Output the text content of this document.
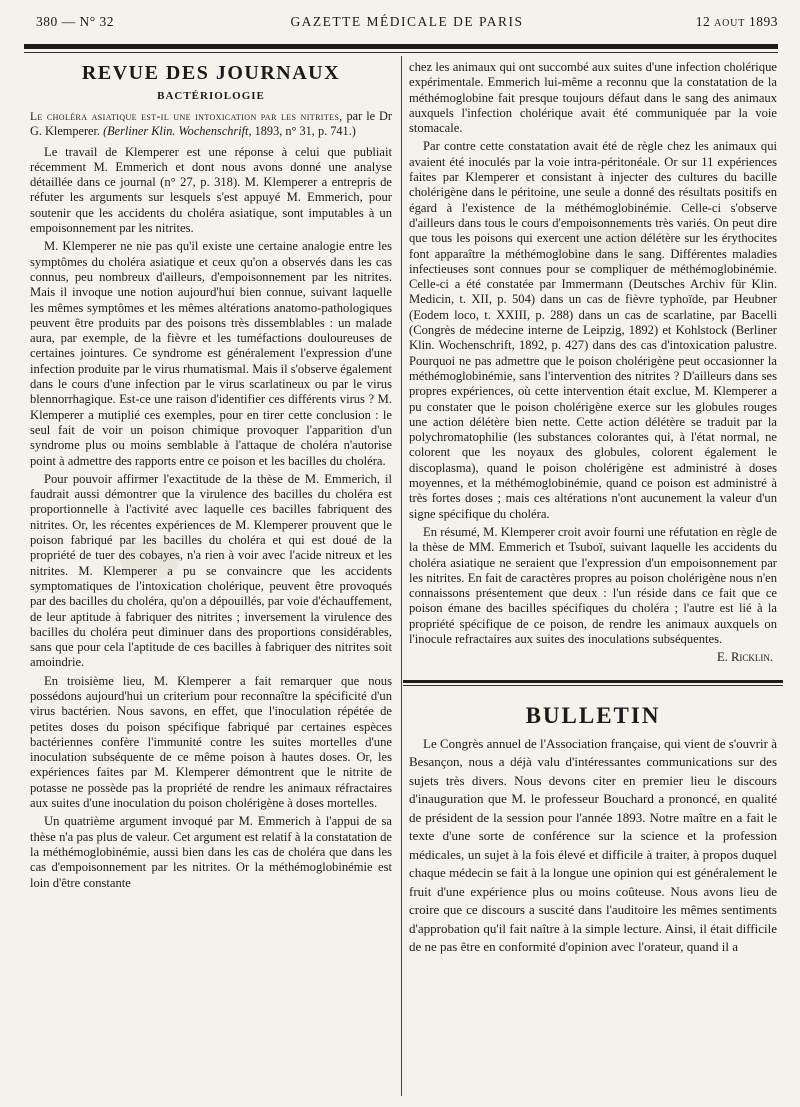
380 — N° 32	GAZETTE MÉDICALE DE PARIS	12 AOUT 1893
REVUE DES JOURNAUX
BACTÉRIOLOGIE

Le choléra asiatique est-il une intoxication par les nitrites, par le Dr G. Klemperer. (Berliner Klin. Wochenschrift, 1893, n° 31, p. 741.)

Le travail de Klemperer est une réponse à celui que publiait récemment M. Emmerich et dont nous avons donné une analyse détaillée dans ce journal (n° 27, p. 318). M. Klemperer a entrepris de réfuter les arguments sur lesquels s'est appuyé M. Emmerich, pour soutenir que les accidents du choléra asiatique, sont imputables à un empoisonnement par les nitrites.

M. Klemperer ne nie pas qu'il existe une certaine analogie entre les symptômes du choléra asiatique et ceux qu'on a observés dans les cas connus, peu nombreux d'ailleurs, d'empoisonnement par les nitrites. Mais il invoque une notion aujourd'hui bien connue, suivant laquelle les mêmes symptômes et les mêmes altérations anatomo-pathologiques peuvent être produits par des poisons très dissemblables : un malade aura, par exemple, de la fièvre et les tuméfactions douloureuses de certaines jointures. Ce syndrome est généralement l'expression d'une infection produite par le virus rhumatismal. Mais il s'observe également dans le cours d'une infection par le virus scarlatineux ou par le virus blennorrhagique. Est-ce une raison d'identifier ces différents virus ? M. Klemperer a mutiplié ces exemples, pour en tirer cette conclusion : le seul fait de voir un poison chimique provoquer l'apparition d'un syndrome plus ou moins semblable à l'attaque de choléra n'autorise point à admettre des rapports entre ce poison et les bacilles du choléra.

Pour pouvoir affirmer l'exactitude de la thèse de M. Emmerich, il faudrait aussi démontrer que la virulence des bacilles du choléra est proportionnelle à l'activité avec laquelle ces bacilles fabriquent des nitrites. Or, les récentes expériences de M. Klemperer prouvent que le poison fabriqué par les bacilles du choléra et qui est doué de la propriété de tuer des cobayes, n'a rien à voir avec l'acide nitreux et les nitrites. M. Klemperer a pu se convaincre que les accidents symptomatiques de l'intoxication cholérique, peuvent être provoqués par des bacilles du choléra, qu'on a dépouillés, par voie d'échauffement, de leur aptitude à fabriquer des nitrites ; inversement la virulence des bacilles du choléra peut diminuer dans des proportions considérables, sans que pour cela l'aptitude de ces bacilles à fabriquer des nitrites soit amoindrie.

En troisième lieu, M. Klemperer a fait remarquer que nous possédons aujourd'hui un criterium pour reconnaître la spécificité d'un virus bactérien. Nous savons, en effet, que l'inoculation répétée de petites doses du poison spécifique fabriqué par certaines espèces bactériennes confère l'immunité contre les suites mortelles d'une inoculation subséquente de ce même poison à hautes doses. Or, les expériences faites par M. Klemperer démontrent que le nitrite de potasse ne possède pas la propriété de rendre les animaux réfractaires aux suites d'une inoculation du poison cholérigène à doses mortelles.

Un quatrième argument invoqué par M. Emmerich à l'appui de sa thèse n'a pas plus de valeur. Cet argument est relatif à la constatation de la méthémoglobinémie, aussi bien dans les cas de choléra que dans les cas d'empoisonnement par les nitrites. Or la méthémoglobinémie est loin d'être constante

chez les animaux qui ont succombé aux suites d'une infection cholérique expérimentale. Emmerich lui-même a reconnu que la constatation de la méthémoglobine fait presque toujours défaut dans le sang des animaux auxquels l'infection cholérique avait été communiquée par la voie stomacale.

Par contre cette constatation avait été de règle chez les animaux qui avaient été inoculés par la voie intra-péritonéale. Or sur 11 expériences faites par Klemperer et consistant à injecter des cultures du bacille cholérigène dans le péritoine, une seule a donné des résultats positifs en égard à l'existence de la méthémoglobinémie. Celle-ci s'observe d'ailleurs dans tous le cours d'empoisonnements très variés. On peut dire que tous les poisons qui exercent une action délétère sur les érythocites font apparaître la méthémoglobine dans le sang. Différentes maladies infectieuses sont connues pour se compliquer de méthémoglobinémie. Celle-ci a été constatée par Immermann (Deutsches Archiv für Klin. Medicin, t. XII, p. 504) dans un cas de fièvre typhoïde, par Heubner (Eodem loco, t. XXIII, p. 288) dans un cas de scarlatine, par Bacelli (Congrès de médecine interne de Leipzig, 1892) et Kohlstock (Berliner Klin. Wochenschrift, 1892, p. 427) dans des cas d'intoxication palustre. Pourquoi ne pas admettre que le poison cholérigène peut occasionner la méthémoglobinémie, sans l'intervention des nitrites ? D'ailleurs dans ses propres expériences, où cette intervention était exclue, M. Klemperer a pu constater que le poison cholérigène exerce sur les globules rouges une action délétère bien nette. Cette action délétère se traduit par la polychromatophilie (les substances colorantes qui, à l'état normal, ne colorent que les noyaux des globules, colorent également le discoplasma), quand le poison cholérigène est administré à doses moyennes, et la méthémoglobinémie, quand ce poison est administré à très fortes doses ; mais ces altérations n'ont aucunement la valeur d'un signe spécifique du choléra.

En résumé, M. Klemperer croit avoir fourni une réfutation en règle de la thèse de MM. Emmerich et Tsuboï, suivant laquelle les accidents du choléra asiatique ne seraient que l'expression d'un empoisonnement par les nitrites. En fait de caractères propres au poison cholérigène nous n'en connaissons présentement que deux : l'un réside dans ce fait que ce poison émane des bacilles spécifiques du choléra ; l'autre est lié à la propriété spécifique de ce poison, de rendre les animaux auxquels on l'inocule refractaires aux suites des inoculations subséquentes.

E. Ricklin.

BULLETIN

Le Congrès annuel de l'Association française, qui vient de s'ouvrir à Besançon, nous a déjà valu d'intéressantes communications sur des sujets très divers. Nous devons citer en premier lieu le discours d'inauguration que M. le professeur Bouchard a prononcé, en qualité de président de la session pour l'année 1893. Notre maître en a fait le texte d'une sorte de conférence sur la science et la profession médicales, un sujet à la fois élevé et difficile à traiter, à propos duquel chaque médecin se fait à la longue une opinion qui est généralement le fruit d'une expérience plus ou moins coûteuse. Nous avons lieu de croire que ce discours a suscité dans l'auditoire les mêmes sentiments d'approbation qu'il fait naître à la simple lecture. Ainsi, il était difficile de ne pas être en conformité d'opinion avec l'orateur, quand il a
